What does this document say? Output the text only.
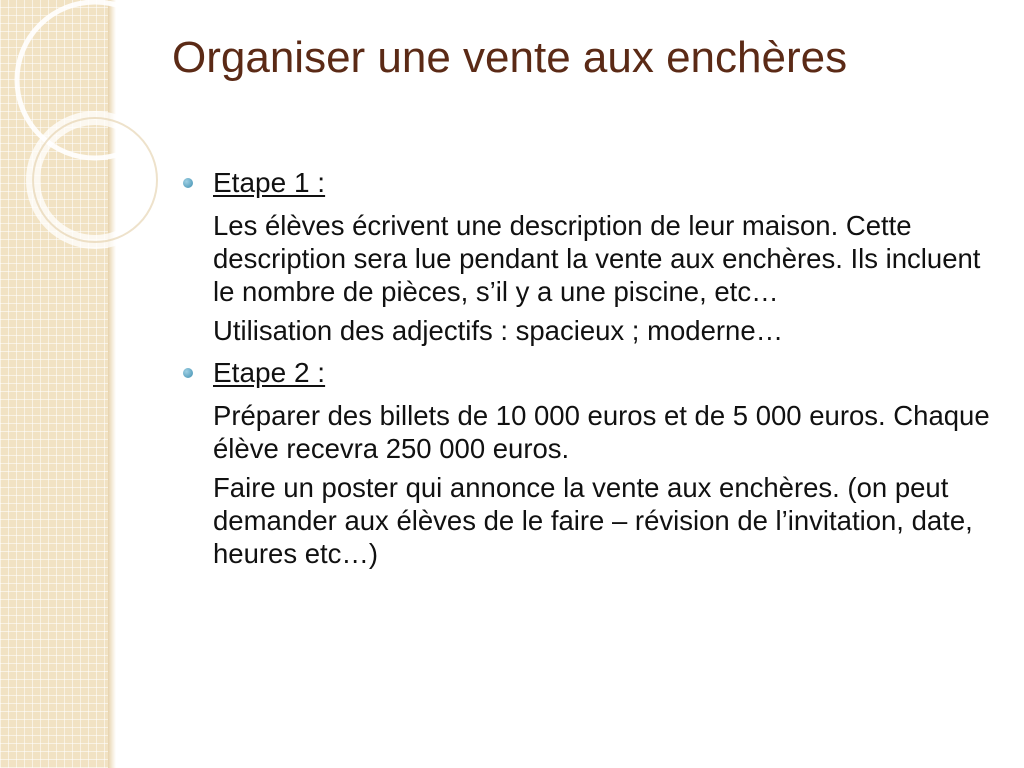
Organiser une vente aux enchères
Etape 1 :

Les élèves écrivent une description de leur maison. Cette description sera lue pendant la vente aux enchères. Ils incluent le nombre de pièces, s’il y a une piscine, etc…

Utilisation des adjectifs : spacieux ; moderne…

Etape 2 :

Préparer des billets de 10 000 euros et de 5 000 euros. Chaque élève recevra 250 000 euros.

Faire un poster qui annonce la vente aux enchères. (on peut demander aux élèves de le faire – révision de l’invitation, date, heures etc…)
